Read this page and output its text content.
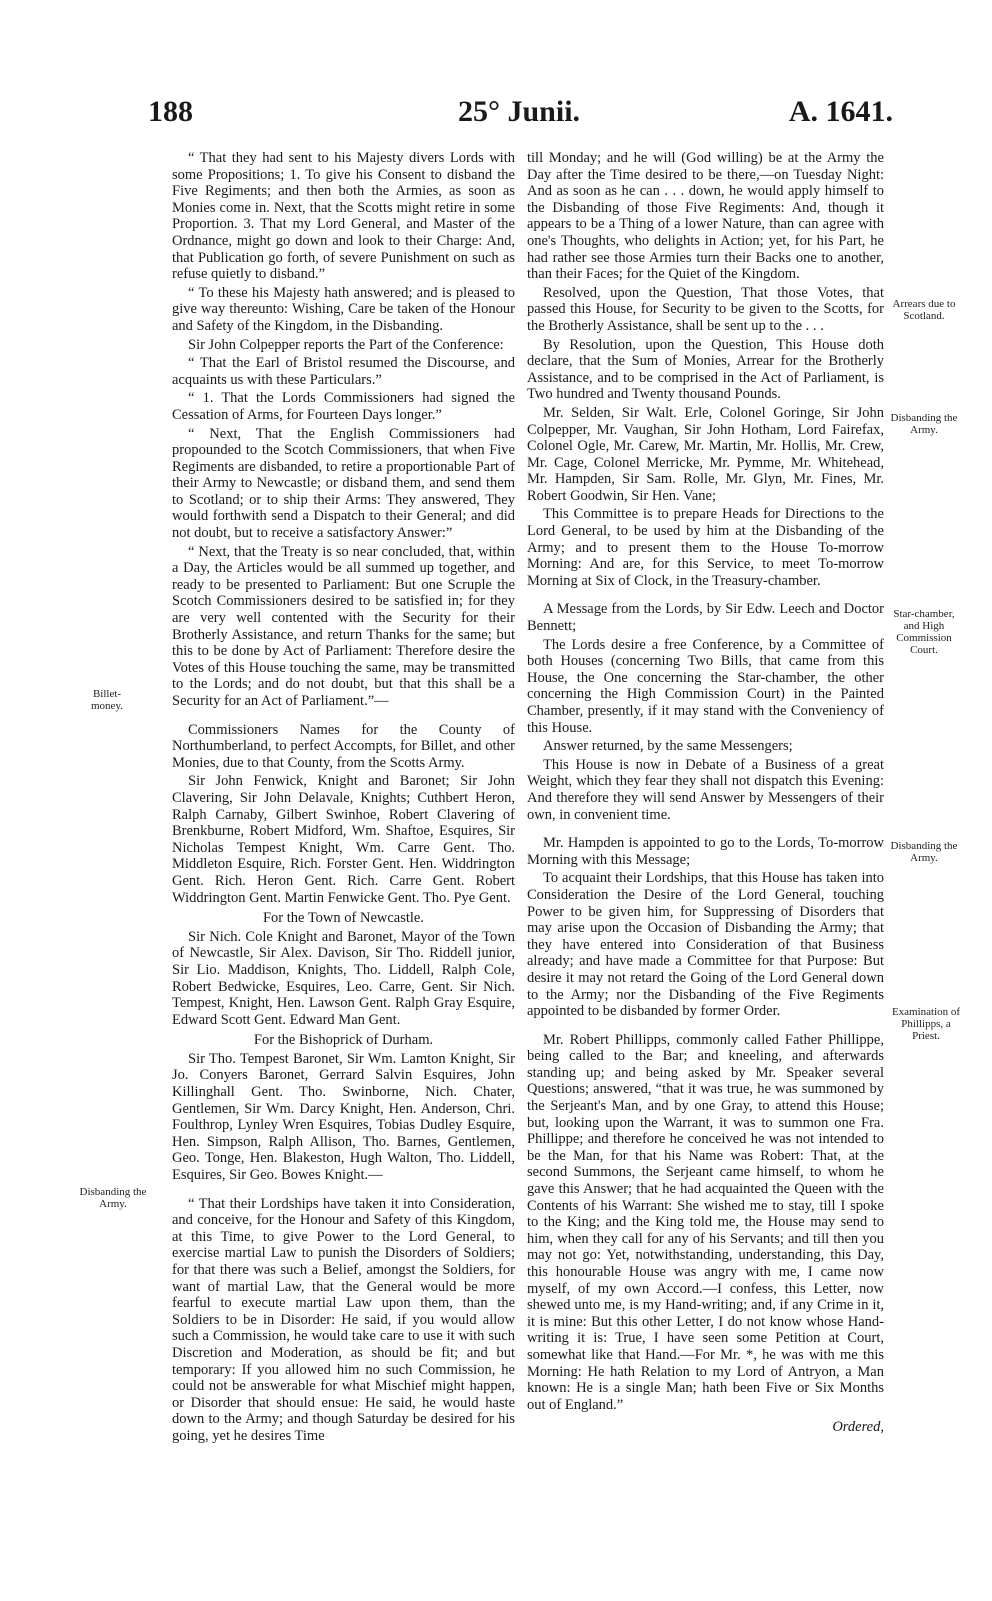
188	25° Junii.	A. 1641.

“ That they had sent to his Majesty divers Lords with some Propositions; 1. To give his Consent to disband the Five Regiments; and then both the Armies, as soon as Monies come in. Next, that the Scotts might retire in some Proportion. 3. That my Lord General, and Master of the Ordnance, might go down and look to their Charge: And, that Publication go forth, of severe Punishment on such as refuse quietly to disband.”

“ To these his Majesty hath answered; and is pleased to give way thereunto: Wishing, Care be taken of the Honour and Safety of the Kingdom, in the Disbanding.

Sir John Colpepper reports the Part of the Conference:

“ That the Earl of Bristol resumed the Discourse, and acquaints us with these Particulars.”

“ 1. That the Lords Commissioners had signed the Cessation of Arms, for Fourteen Days longer.”

“ Next, That the English Commissioners had propounded to the Scotch Commissioners, that when Five Regiments are disbanded, to retire a proportionable Part of their Army to Newcastle; or disband them, and send them to Scotland; or to ship their Arms: They answered, They would forthwith send a Dispatch to their General; and did not doubt, but to receive a satisfactory Answer:”

“ Next, that the Treaty is so near concluded, that, within a Day, the Articles would be all summed up together, and ready to be presented to Parliament: But one Scruple the Scotch Commissioners desired to be satisfied in; for they are very well contented with the Security for their Brotherly Assistance, and return Thanks for the same; but this to be done by Act of Parliament: Therefore desire the Votes of this House touching the same, may be transmitted to the Lords; and do not doubt, but that this shall be a Security for an Act of Parliament.”—

Commissioners Names for the County of Northumberland, to perfect Accompts, for Billet, and other Monies, due to that County, from the Scotts Army.

Sir John Fenwick, Knight and Baronet; Sir John Clavering, Sir John Delavale, Knights; Cuthbert Heron, Ralph Carnaby, Gilbert Swinhoe, Robert Clavering of Brenkburne, Robert Midford, Wm. Shaftoe, Esquires, Sir Nicholas Tempest Knight, Wm. Carre Gent. Tho. Middleton Esquire, Rich. Forster Gent. Hen. Widdrington Gent. Rich. Heron Gent. Rich. Carre Gent. Robert Widdrington Gent. Martin Fenwicke Gent. Tho. Pye Gent.

For the Town of Newcastle.

Sir Nich. Cole Knight and Baronet, Mayor of the Town of Newcastle, Sir Alex. Davison, Sir Tho. Riddell junior, Sir Lio. Maddison, Knights, Tho. Liddell, Ralph Cole, Robert Bedwicke, Esquires, Leo. Carre, Gent. Sir Nich. Tempest, Knight, Hen. Lawson Gent. Ralph Gray Esquire, Edward Scott Gent. Edward Man Gent.

For the Bishoprick of Durham.

Sir Tho. Tempest Baronet, Sir Wm. Lamton Knight, Sir Jo. Conyers Baronet, Gerrard Salvin Esquires, John Killinghall Gent. Tho. Swinborne, Nich. Chater, Gentlemen, Sir Wm. Darcy Knight, Hen. Anderson, Chri. Foulthrop, Lynley Wren Esquires, Tobias Dudley Esquire, Hen. Simpson, Ralph Allison, Tho. Barnes, Gentlemen, Geo. Tonge, Hen. Blakeston, Hugh Walton, Tho. Liddell, Esquires, Sir Geo. Bowes Knight.—

“ That their Lordships have taken it into Consideration, and conceive, for the Honour and Safety of this Kingdom, at this Time, to give Power to the Lord General, to exercise martial Law to punish the Disorders of Soldiers; for that there was such a Belief, amongst the Soldiers, for want of martial Law, that the General would be more fearful to execute martial Law upon them, than the Soldiers to be in Disorder: He said, if you would allow such a Commission, he would take care to use it with such Discretion and Moderation, as should be fit; and but temporary: If you allowed him no such Commission, he could not be answerable for what Mischief might happen, or Disorder that should ensue: He said, he would haste down to the Army; and though Saturday be desired for his going, yet he desires Time

till Monday; and he will (God willing) be at the Army the Day after the Time desired to be there,—on Tuesday Night: And as soon as he can . . . down, he would apply himself to the Disbanding of those Five Regiments: And, though it appears to be a Thing of a lower Nature, than can agree with one's Thoughts, who delights in Action; yet, for his Part, he had rather see those Armies turn their Backs one to another, than their Faces; for the Quiet of the Kingdom.

Resolved, upon the Question, That those Votes, that passed this House, for Security to be given to the Scotts, for the Brotherly Assistance, shall be sent up to the . . .

By Resolution, upon the Question, This House doth declare, that the Sum of Monies, Arrear for the Brotherly Assistance, and to be comprised in the Act of Parliament, is Two hundred and Twenty thousand Pounds.

Mr. Selden, Sir Walt. Erle, Colonel Goringe, Sir John Colpepper, Mr. Vaughan, Sir John Hotham, Lord Fairefax, Colonel Ogle, Mr. Carew, Mr. Martin, Mr. Hollis, Mr. Crew, Mr. Cage, Colonel Merricke, Mr. Pymme, Mr. Whitehead, Mr. Hampden, Sir Sam. Rolle, Mr. Glyn, Mr. Fines, Mr. Robert Goodwin, Sir Hen. Vane;

This Committee is to prepare Heads for Directions to the Lord General, to be used by him at the Disbanding of the Army; and to present them to the House To-morrow Morning: And are, for this Service, to meet To-morrow Morning at Six of Clock, in the Treasury-chamber.

A Message from the Lords, by Sir Edw. Leech and Doctor Bennett;

The Lords desire a free Conference, by a Committee of both Houses (concerning Two Bills, that came from this House, the One concerning the Star-chamber, the other concerning the High Commission Court) in the Painted Chamber, presently, if it may stand with the Conveniency of this House.

Answer returned, by the same Messengers;

This House is now in Debate of a Business of a great Weight, which they fear they shall not dispatch this Evening: And therefore they will send Answer by Messengers of their own, in convenient time.

Mr. Hampden is appointed to go to the Lords, To-morrow Morning with this Message;

To acquaint their Lordships, that this House has taken into Consideration the Desire of the Lord General, touching Power to be given him, for Suppressing of Disorders that may arise upon the Occasion of Disbanding the Army; that they have entered into Consideration of that Business already; and have made a Committee for that Purpose: But desire it may not retard the Going of the Lord General down to the Army; nor the Disbanding of the Five Regiments appointed to be disbanded by former Order.

Mr. Robert Phillipps, commonly called Father Phillippe, being called to the Bar; and kneeling, and afterwards standing up; and being asked by Mr. Speaker several Questions; answered, “that it was true, he was summoned by the Serjeant's Man, and by one Gray, to attend this House; but, looking upon the Warrant, it was to summon one Fra. Phillippe; and therefore he conceived he was not intended to be the Man, for that his Name was Robert: That, at the second Summons, the Serjeant came himself, to whom he gave this Answer; that he had acquainted the Queen with the Contents of his Warrant: She wished me to stay, till I spoke to the King; and the King told me, the House may send to him, when they call for any of his Servants; and till then you may not go: Yet, notwithstanding, understanding, this Day, this honourable House was angry with me, I came now myself, of my own Accord.—I confess, this Letter, now shewed unto me, is my Hand-writing; and, if any Crime in it, it is mine: But this other Letter, I do not know whose Hand-writing it is: True, I have seen some Petition at Court, somewhat like that Hand.—For Mr. *, he was with me this Morning: He hath Relation to my Lord of Antryon, a Man known: He is a single Man; hath been Five or Six Months out of England.”

Ordered,

Billet-money.
Disbanding the Army.
Arrears due to Scotland.
Disbanding the Army.
Star-chamber, and High Commission Court.
Disbanding the Army.
Examination of Phillipps, a Priest.
